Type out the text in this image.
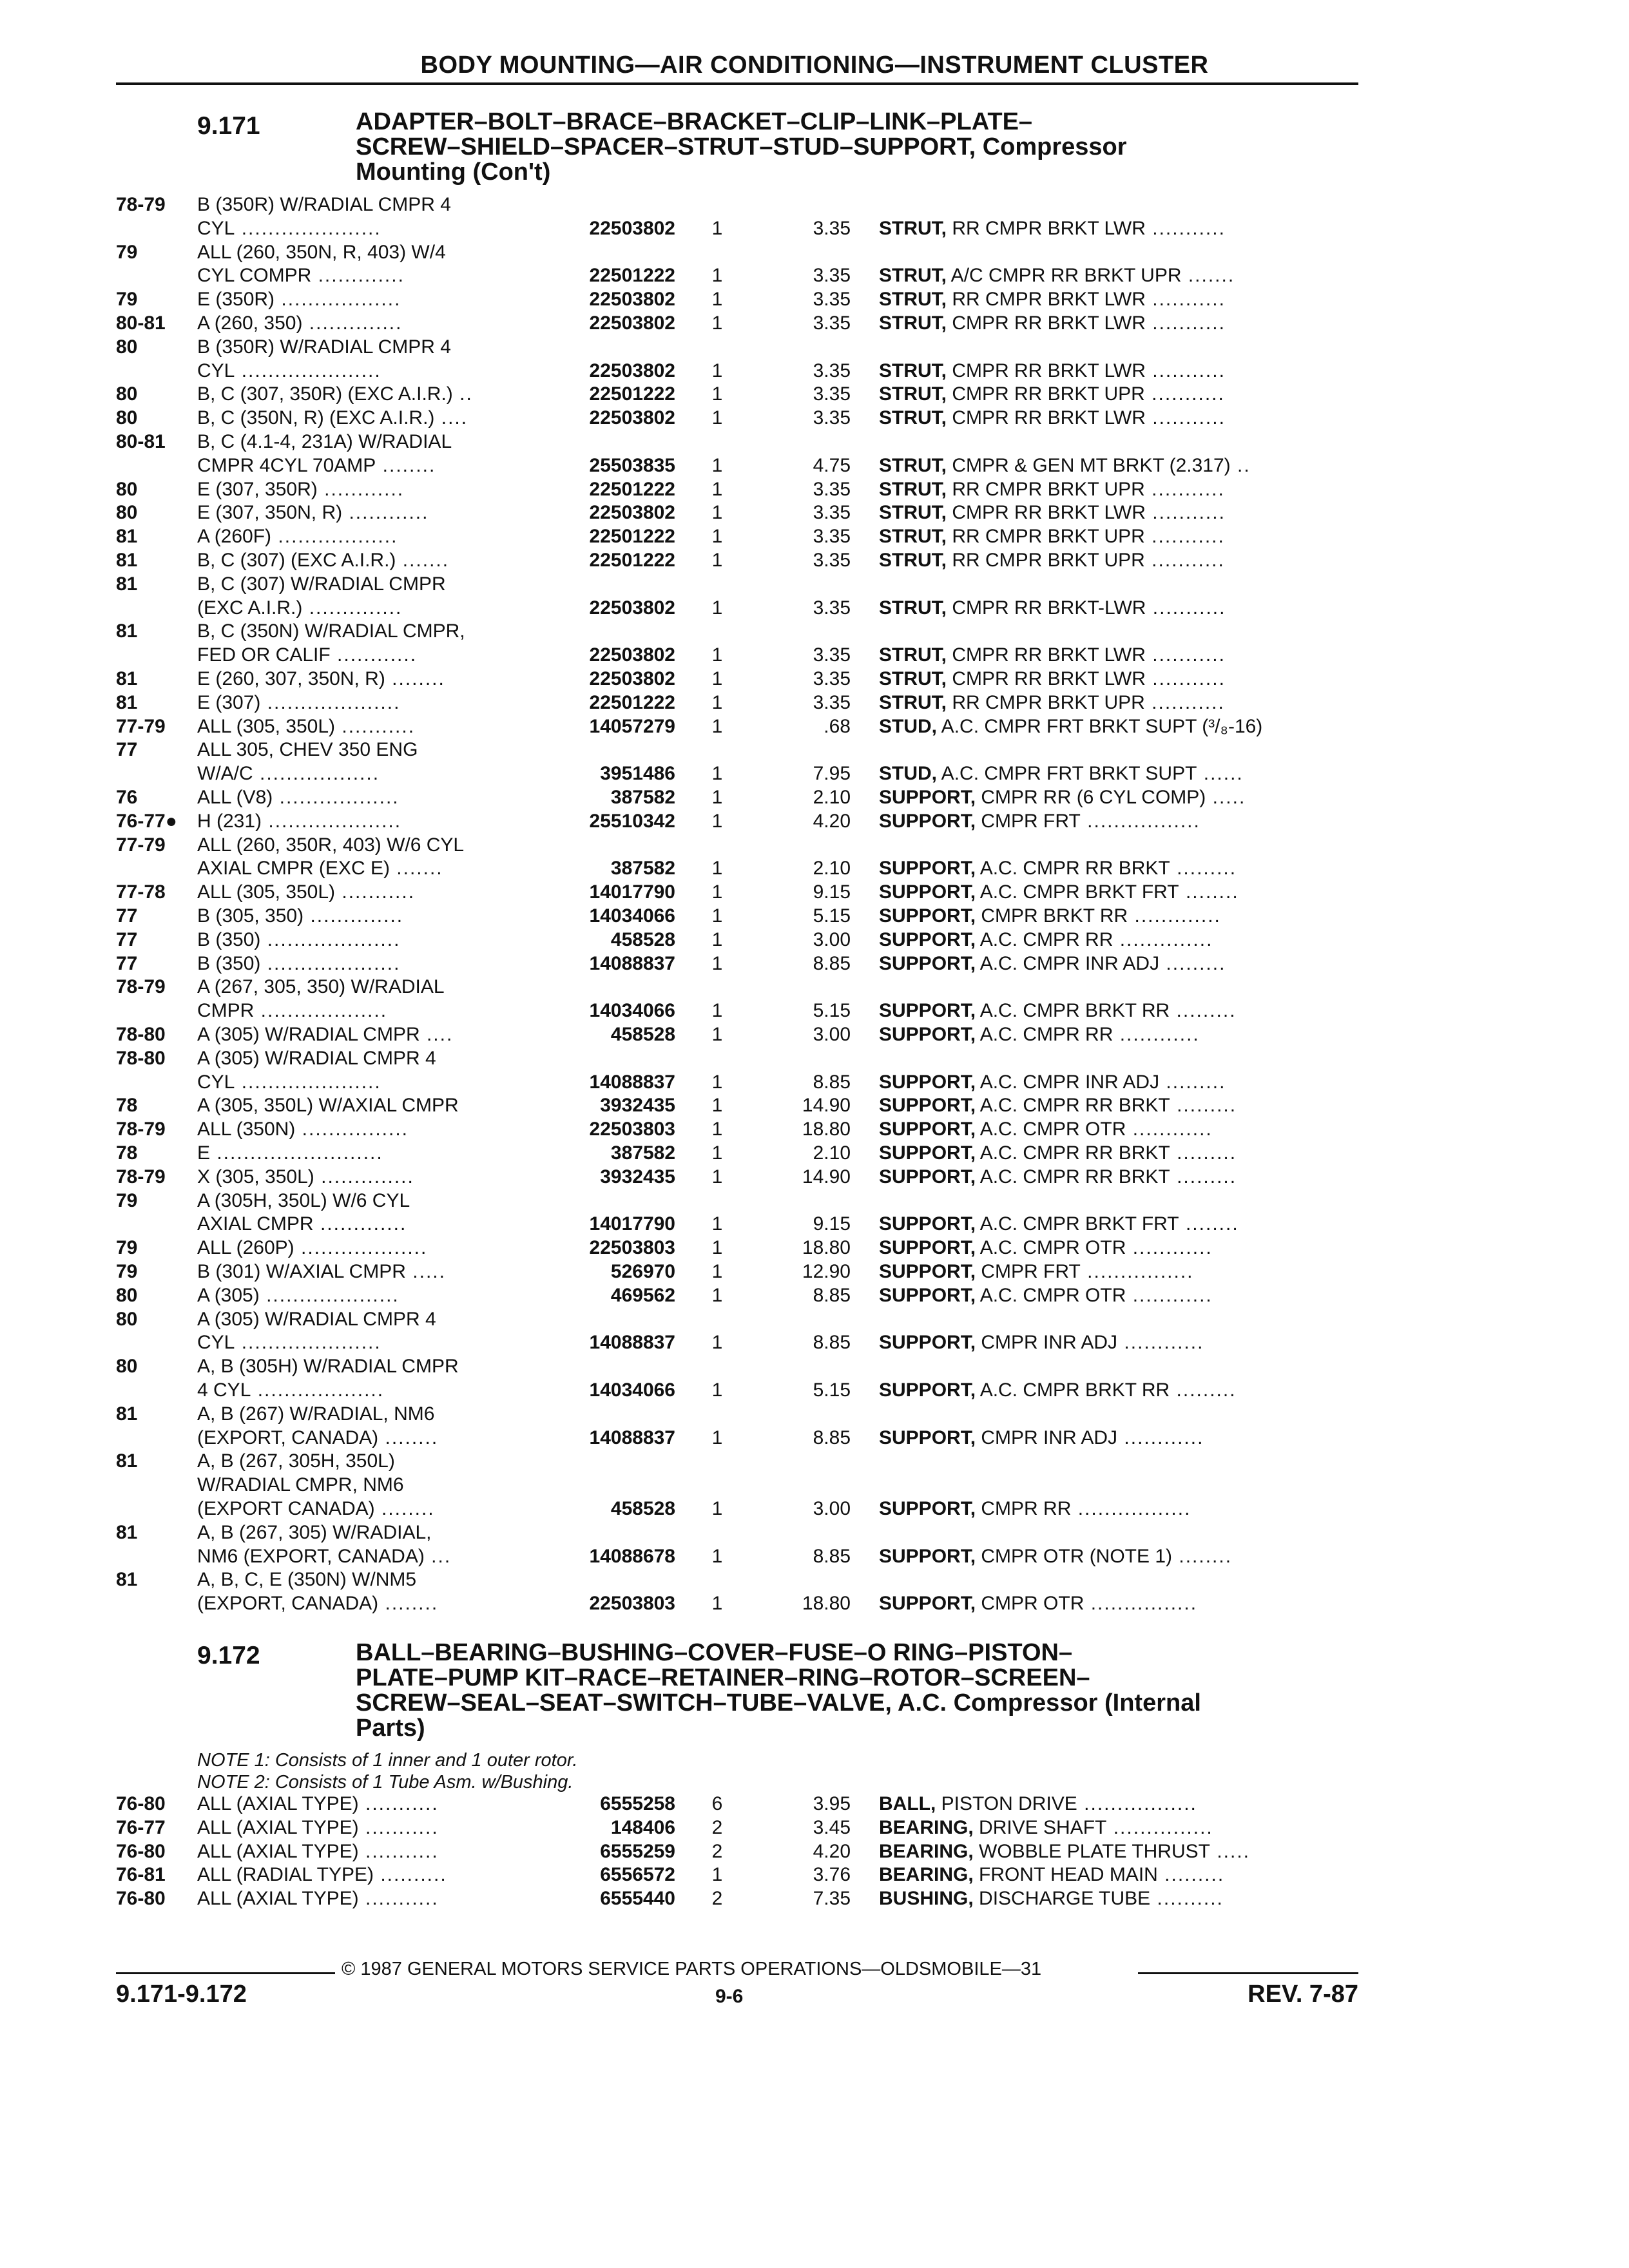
BODY MOUNTING—AIR CONDITIONING—INSTRUMENT CLUSTER
9.171	ADAPTER–BOLT–BRACE–BRACKET–CLIP–LINK–PLATE–
SCREW–SHIELD–SPACER–STRUT–STUD–SUPPORT, Compressor
Mounting (Con't)
78-79 B (350R) W/RADIAL CMPR 4
CYL .....................	22503802 1	3.35 STRUT, RR CMPR BRKT LWR ...........
79	ALL (260, 350N, R, 403) W/4
CYL COMPR .............	22501222 1	3.35 STRUT, A/C CMPR RR BRKT UPR .......
79	E (350R) ..................	22503802 1	3.35 STRUT, RR CMPR BRKT LWR ...........
80-81 A (260, 350) ..............	22503802 1	3.35 STRUT, CMPR RR BRKT LWR ...........
80	B (350R) W/RADIAL CMPR 4
CYL .....................	22503802 1	3.35 STRUT, CMPR RR BRKT LWR ...........
80	B, C (307, 350R) (EXC A.I.R.) ..	22501222 1	3.35 STRUT, CMPR RR BRKT UPR ...........
80	B, C (350N, R) (EXC A.I.R.) ....	22503802 1	3.35 STRUT, CMPR RR BRKT LWR ...........
80-81 B, C (4.1-4, 231A) W/RADIAL
CMPR 4CYL 70AMP ........	25503835 1	4.75 STRUT, CMPR & GEN MT BRKT (2.317) ..
80	E (307, 350R) ............	22501222 1	3.35 STRUT, RR CMPR BRKT UPR ...........
80	E (307, 350N, R) ............	22503802 1	3.35 STRUT, CMPR RR BRKT LWR ...........
81	A (260F) ..................	22501222 1	3.35 STRUT, RR CMPR BRKT UPR ...........
81	B, C (307) (EXC A.I.R.) .......	22501222 1	3.35 STRUT, RR CMPR BRKT UPR ...........
81	B, C (307) W/RADIAL CMPR
(EXC A.I.R.) ..............	22503802 1	3.35 STRUT, CMPR RR BRKT-LWR ...........
81	B, C (350N) W/RADIAL CMPR,
FED OR CALIF ............	22503802 1	3.35 STRUT, CMPR RR BRKT LWR ...........
81	E (260, 307, 350N, R) ........	22503802 1	3.35 STRUT, CMPR RR BRKT LWR ...........
81	E (307) ....................	22501222 1	3.35 STRUT, RR CMPR BRKT UPR ...........
77-79 ALL (305, 350L) ...........	14057279 1	.68 STUD, A.C. CMPR FRT BRKT SUPT (³/₈-16)
77	ALL 305, CHEV 350 ENG
W/A/C ..................	3951486 1	7.95 STUD, A.C. CMPR FRT BRKT SUPT ......
76	ALL (V8) ..................	387582 1	2.10 SUPPORT, CMPR RR (6 CYL COMP) .....
76-77● H (231) ....................	25510342 1	4.20 SUPPORT, CMPR FRT .................
77-79 ALL (260, 350R, 403) W/6 CYL
AXIAL CMPR (EXC E) .......	387582 1	2.10 SUPPORT, A.C. CMPR RR BRKT .........
77-78 ALL (305, 350L) ...........	14017790 1	9.15 SUPPORT, A.C. CMPR BRKT FRT ........
77	B (305, 350) ..............	14034066 1	5.15 SUPPORT, CMPR BRKT RR .............
77	B (350) ....................	458528 1	3.00 SUPPORT, A.C. CMPR RR ..............
77	B (350) ....................	14088837 1	8.85 SUPPORT, A.C. CMPR INR ADJ .........
78-79 A (267, 305, 350) W/RADIAL
CMPR ...................	14034066 1	5.15 SUPPORT, A.C. CMPR BRKT RR .........
78-80 A (305) W/RADIAL CMPR ....	458528 1	3.00 SUPPORT, A.C. CMPR RR ............
78-80 A (305) W/RADIAL CMPR 4
CYL .....................	14088837 1	8.85 SUPPORT, A.C. CMPR INR ADJ .........
78	A (305, 350L) W/AXIAL CMPR	3932435 1	14.90 SUPPORT, A.C. CMPR RR BRKT .........
78-79 ALL (350N) ................	22503803 1	18.80 SUPPORT, A.C. CMPR OTR ............
78	E .........................	387582 1	2.10 SUPPORT, A.C. CMPR RR BRKT .........
78-79 X (305, 350L) ..............	3932435 1	14.90 SUPPORT, A.C. CMPR RR BRKT .........
79	A (305H, 350L) W/6 CYL
AXIAL CMPR .............	14017790 1	9.15 SUPPORT, A.C. CMPR BRKT FRT ........
79	ALL (260P) ...................	22503803 1	18.80 SUPPORT, A.C. CMPR OTR ............
79	B (301) W/AXIAL CMPR .....	526970 1	12.90 SUPPORT, CMPR FRT ................
80	A (305) ....................	469562 1	8.85 SUPPORT, A.C. CMPR OTR ............
80	A (305) W/RADIAL CMPR 4
CYL .....................	14088837 1	8.85 SUPPORT, CMPR INR ADJ ............
80	A, B (305H) W/RADIAL CMPR
4 CYL ...................	14034066 1	5.15 SUPPORT, A.C. CMPR BRKT RR .........
81	A, B (267) W/RADIAL, NM6
(EXPORT, CANADA) ........	14088837 1	8.85 SUPPORT, CMPR INR ADJ ............
81	A, B (267, 305H, 350L)
W/RADIAL CMPR, NM6
(EXPORT CANADA) ........	458528 1	3.00 SUPPORT, CMPR RR .................
81	A, B (267, 305) W/RADIAL,
NM6 (EXPORT, CANADA) ...	14088678 1	8.85 SUPPORT, CMPR OTR (NOTE 1) ........
81	A, B, C, E (350N) W/NM5
(EXPORT, CANADA) ........	22503803 1	18.80 SUPPORT, CMPR OTR ................
9.172	BALL–BEARING–BUSHING–COVER–FUSE–O RING–PISTON–
PLATE–PUMP KIT–RACE–RETAINER–RING–ROTOR–SCREEN–
SCREW–SEAL–SEAT–SWITCH–TUBE–VALVE, A.C. Compressor (Internal
Parts)
NOTE 1: Consists of 1 inner and 1 outer rotor.
NOTE 2: Consists of 1 Tube Asm. w/Bushing.
76-80 ALL (AXIAL TYPE) ...........	6555258 6	3.95 BALL, PISTON DRIVE .................
76-77 ALL (AXIAL TYPE) ...........	148406 2	3.45 BEARING, DRIVE SHAFT ...............
76-80 ALL (AXIAL TYPE) ...........	6555259 2	4.20 BEARING, WOBBLE PLATE THRUST .....
76-81 ALL (RADIAL TYPE) ..........	6556572 1	3.76 BEARING, FRONT HEAD MAIN .........
76-80 ALL (AXIAL TYPE) ...........	6555440 2	7.35 BUSHING, DISCHARGE TUBE ..........
© 1987 GENERAL MOTORS SERVICE PARTS OPERATIONS—OLDSMOBILE—31
9.171-9.172	9-6	REV. 7-87
